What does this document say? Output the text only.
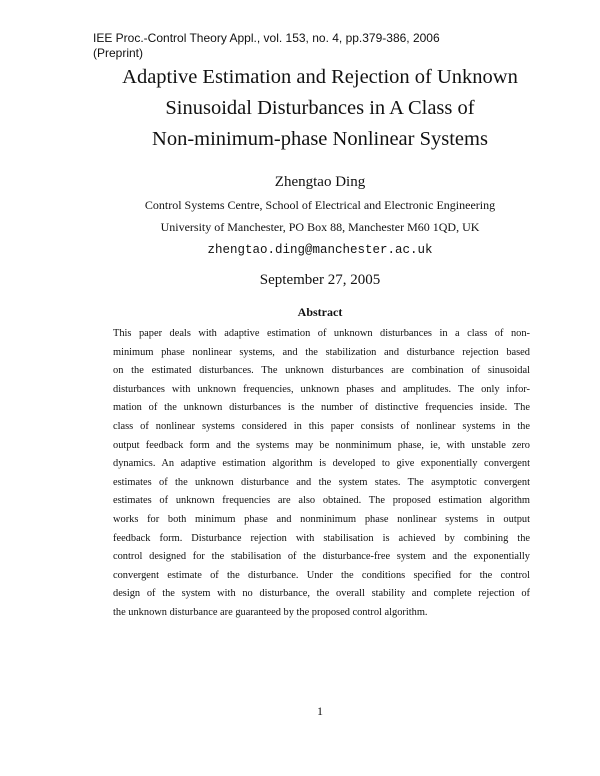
IEE Proc.-Control Theory Appl., vol. 153, no. 4, pp.379-386, 2006
(Preprint)
Adaptive Estimation and Rejection of Unknown
Sinusoidal Disturbances in A Class of
Non-minimum-phase Nonlinear Systems
Zhengtao Ding
Control Systems Centre, School of Electrical and Electronic Engineering
University of Manchester, PO Box 88, Manchester M60 1QD, UK
zhengtao.ding@manchester.ac.uk
September 27, 2005
Abstract
This paper deals with adaptive estimation of unknown disturbances in a class of non-
minimum phase nonlinear systems, and the stabilization and disturbance rejection based
on the estimated disturbances. The unknown disturbances are combination of sinusoidal
disturbances with unknown frequencies, unknown phases and amplitudes. The only infor-
mation of the unknown disturbances is the number of distinctive frequencies inside. The
class of nonlinear systems considered in this paper consists of nonlinear systems in the
output feedback form and the systems may be nonminimum phase, ie, with unstable zero
dynamics. An adaptive estimation algorithm is developed to give exponentially convergent
estimates of the unknown disturbance and the system states. The asymptotic convergent
estimates of unknown frequencies are also obtained. The proposed estimation algorithm
works for both minimum phase and nonminimum phase nonlinear systems in output
feedback form. Disturbance rejection with stabilisation is achieved by combining the
control designed for the stabilisation of the disturbance-free system and the exponentially
convergent estimate of the disturbance. Under the conditions specified for the control
design of the system with no disturbance, the overall stability and complete rejection of
the unknown disturbance are guaranteed by the proposed control algorithm.
1
